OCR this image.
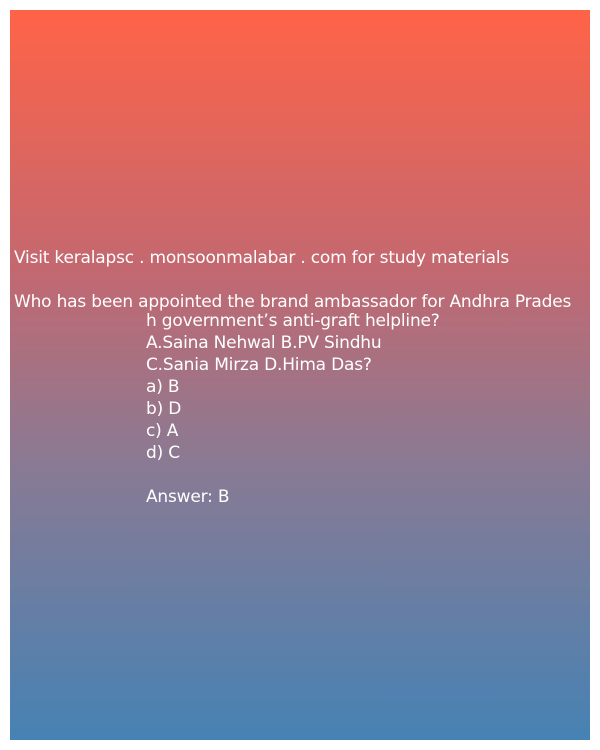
Visit keralapsc . monsoonmalabar . com for study materials
Who has been appointed the brand ambassador for Andhra Prades
h government’s anti-graft helpline?
A.Saina Nehwal B.PV Sindhu
C.Sania Mirza D.Hima Das?
a) B
b) D
c) A
d) C
Answer: B
